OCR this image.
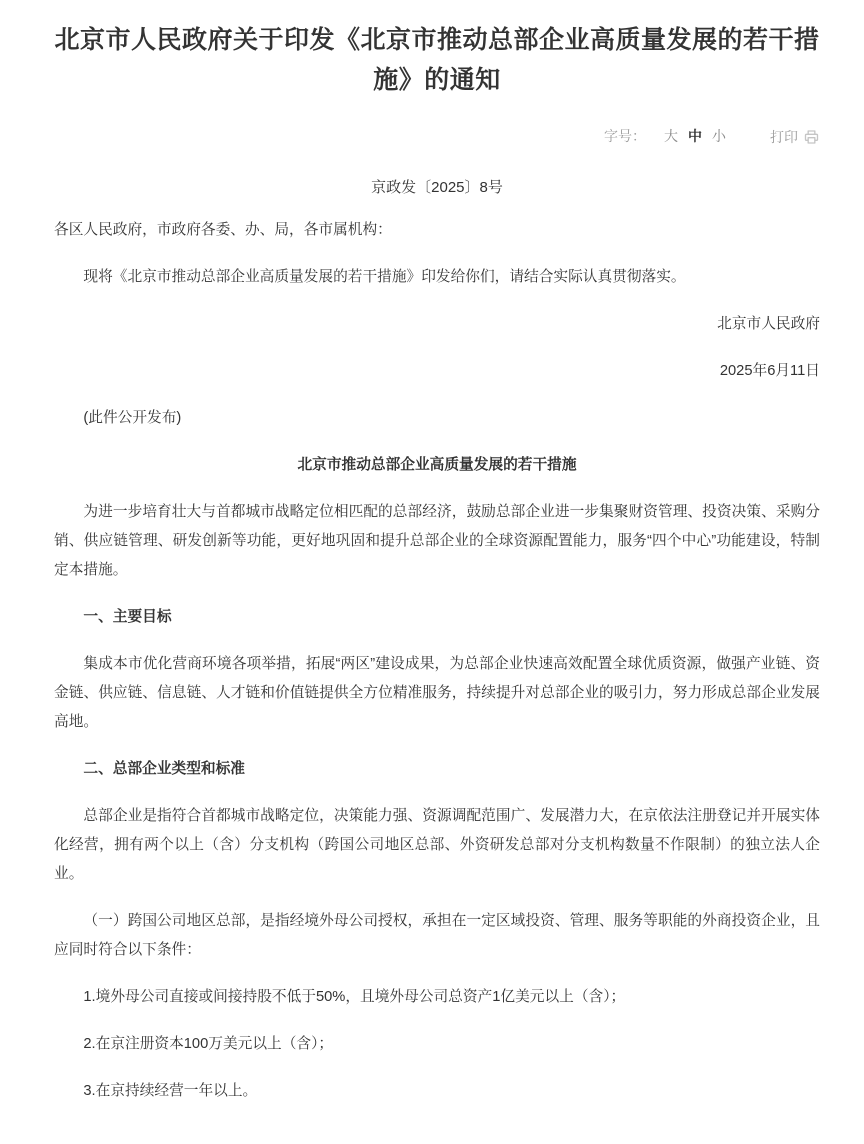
北京市人民政府关于印发《北京市推动总部企业高质量发展的若干措施》的通知
字号： 大 中 小	打印
京政发〔2025〕8号

各区人民政府，市政府各委、办、局，各市属机构：

现将《北京市推动总部企业高质量发展的若干措施》印发给你们，请结合实际认真贯彻落实。

北京市人民政府

2025年6月11日

(此件公开发布)

北京市推动总部企业高质量发展的若干措施

为进一步培育壮大与首都城市战略定位相匹配的总部经济，鼓励总部企业进一步集聚财资管理、投资决策、采购分销、供应链管理、研发创新等功能，更好地巩固和提升总部企业的全球资源配置能力，服务“四个中心”功能建设，特制定本措施。

一、主要目标

集成本市优化营商环境各项举措，拓展“两区”建设成果，为总部企业快速高效配置全球优质资源，做强产业链、资金链、供应链、信息链、人才链和价值链提供全方位精准服务，持续提升对总部企业的吸引力，努力形成总部企业发展高地。

二、总部企业类型和标准

总部企业是指符合首都城市战略定位，决策能力强、资源调配范围广、发展潜力大，在京依法注册登记并开展实体化经营，拥有两个以上（含）分支机构（跨国公司地区总部、外资研发总部对分支机构数量不作限制）的独立法人企业。

（一）跨国公司地区总部，是指经境外母公司授权，承担在一定区域投资、管理、服务等职能的外商投资企业，且应同时符合以下条件：

1.境外母公司直接或间接持股不低于50%，且境外母公司总资产1亿美元以上（含）；

2.在京注册资本100万美元以上（含）；

3.在京持续经营一年以上。
